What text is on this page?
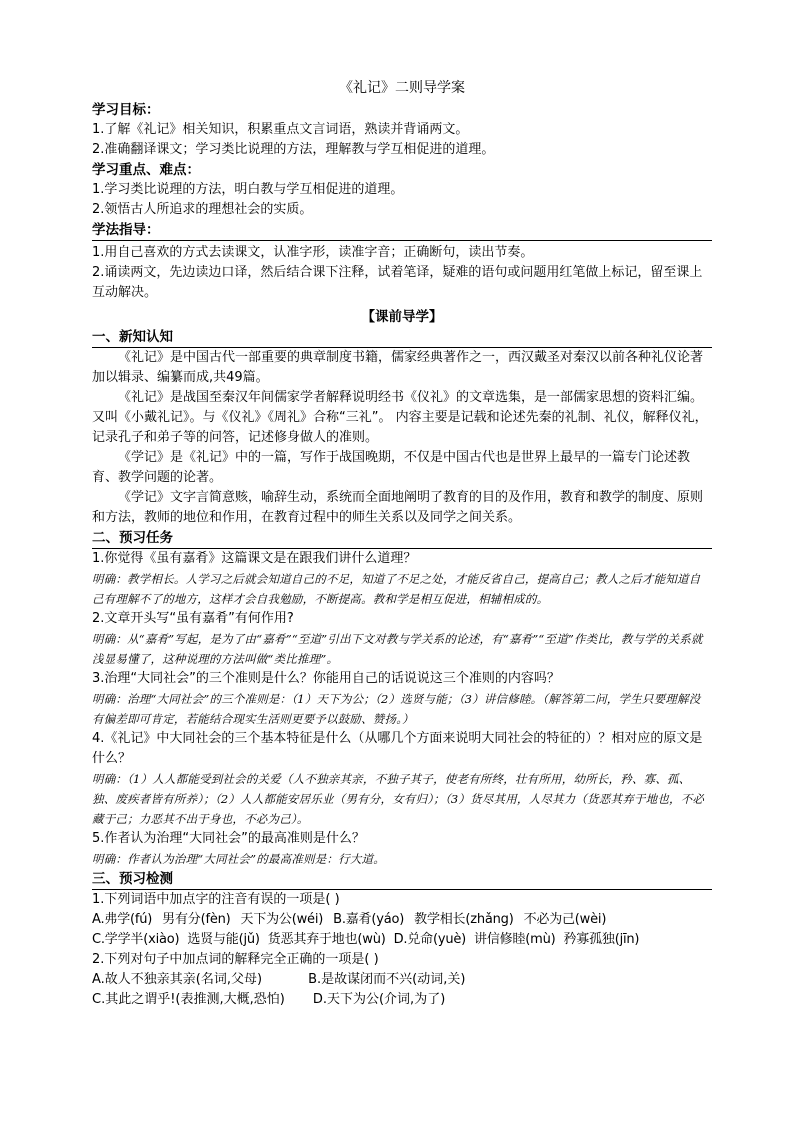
《礼记》二则导学案
学习目标：
1.了解《礼记》相关知识，积累重点文言词语，熟读并背诵两文。
2.准确翻译课文；学习类比说理的方法，理解教与学互相促进的道理。
学习重点、难点：
1.学习类比说理的方法，明白教与学互相促进的道理。
2.领悟古人所追求的理想社会的实质。
学法指导：
1.用自己喜欢的方式去读课文，认准字形，读准字音；正确断句，读出节奏。
2.诵读两文，先边读边口译，然后结合课下注释，试着笔译，疑难的语句或问题用红笔做上标记，留至课上互动解决。
【课前导学】
一、新知认知
《礼记》是中国古代一部重要的典章制度书籍，儒家经典著作之一，西汉戴圣对秦汉以前各种礼仪论著加以辑录、编纂而成,共49篇。
《礼记》是战国至秦汉年间儒家学者解释说明经书《仪礼》的文章选集，是一部儒家思想的资料汇编。又叫《小戴礼记》。与《仪礼》《周礼》合称“三礼”。 内容主要是记载和论述先秦的礼制、礼仪，解释仪礼，记录孔子和弟子等的问答，记述修身做人的准则。
《学记》是《礼记》中的一篇，写作于战国晚期，不仅是中国古代也是世界上最早的一篇专门论述教育、教学问题的论著。
《学记》文字言简意赅，喻辞生动，系统而全面地阐明了教育的目的及作用，教育和教学的制度、原则和方法，教师的地位和作用，在教育过程中的师生关系以及同学之间关系。
二、预习任务
1.你觉得《虽有嘉肴》这篇课文是在跟我们讲什么道理？
明确：教学相长。人学习之后就会知道自己的不足，知道了不足之处，才能反省自己，提高自己；教人之后才能知道自己有理解不了的地方，这样才会自我勉励，不断提高。教和学是相互促进，相辅相成的。
2.文章开头写“虽有嘉肴”有何作用?
明确：从“嘉肴”写起，是为了由“嘉肴”“至道”引出下文对教与学关系的论述，有“嘉肴”“至道”作类比，教与学的关系就浅显易懂了，这种说理的方法叫做“类比推理”。
3.治理“大同社会”的三个准则是什么？你能用自己的话说说这三个准则的内容吗？
明确：治理“大同社会”的三个准则是：（1）天下为公；（2）选贤与能；（3）讲信修睦。（解答第二问，学生只要理解没有偏差即可肯定，若能结合现实生活则更要予以鼓励、赞扬。）
4.《礼记》中大同社会的三个基本特征是什么（从哪几个方面来说明大同社会的特征的）？相对应的原文是什么？
明确：（1）人人都能受到社会的关爱（人不独亲其亲，不独子其子，使老有所终，壮有所用，幼所长，矜、寡、孤、独、废疾者皆有所养）；（2）人人都能安居乐业（男有分，女有归）；（3）货尽其用，人尽其力（货恶其弃于地也，不必藏于己；力恶其不出于身也，不必为己）。
5.作者认为治理“大同社会”的最高准则是什么？
明确：作者认为治理“大同社会”的最高准则是：行大道。
三、预习检测
1.下列词语中加点字的注音有误的一项是( )
A.弗学(fú) 男有分(fèn) 天下为公(wéi) B.嘉肴(yáo) 教学相长(zhǎng) 不必为己(wèi)
C.学学半(xiào) 选贤与能(jǔ) 货恶其弃于地也(wù) D.兑命(yuè) 讲信修睦(mù) 矜寡孤独(jīn)
2.下列对句子中加点词的解释完全正确的一项是( )
A.故人不独亲其亲(名词,父母)	B.是故谋闭而不兴(动词,关)
C.其此之谓乎!(表推测,大概,恐怕) D.天下为公(介词,为了)
